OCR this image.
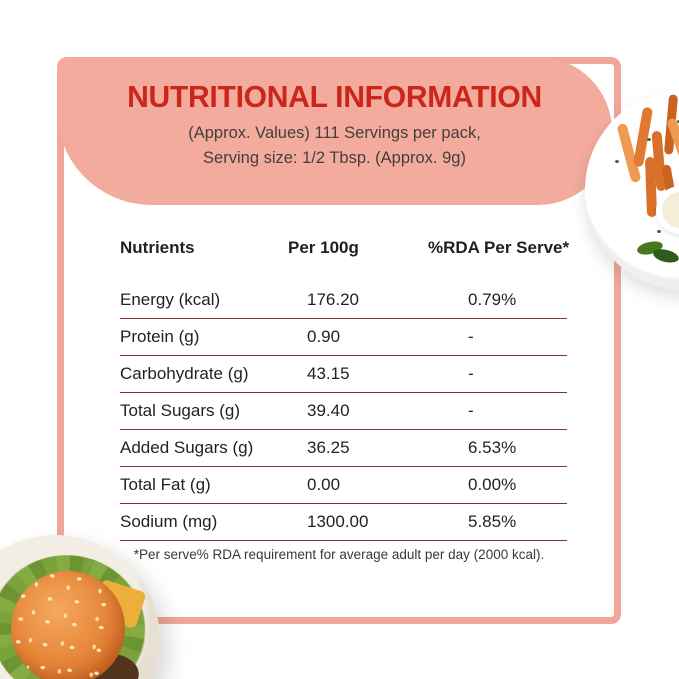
NUTRITIONAL INFORMATION

(Approx. Values) 111 Servings per pack,

Serving size: 1/2 Tbsp. (Approx. 9g)

Nutrients	Per 100g	%RDA Per Serve*
Energy (kcal)	176.20	0.79%
Protein (g)	0.90	-
Carbohydrate (g)	43.15	-
Total Sugars (g)	39.40	-
Added Sugars (g)	36.25	6.53%
Total Fat (g)	0.00	0.00%
Sodium (mg)	1300.00	5.85%
*Per serve% RDA requirement for average adult per day (2000 kcal).
